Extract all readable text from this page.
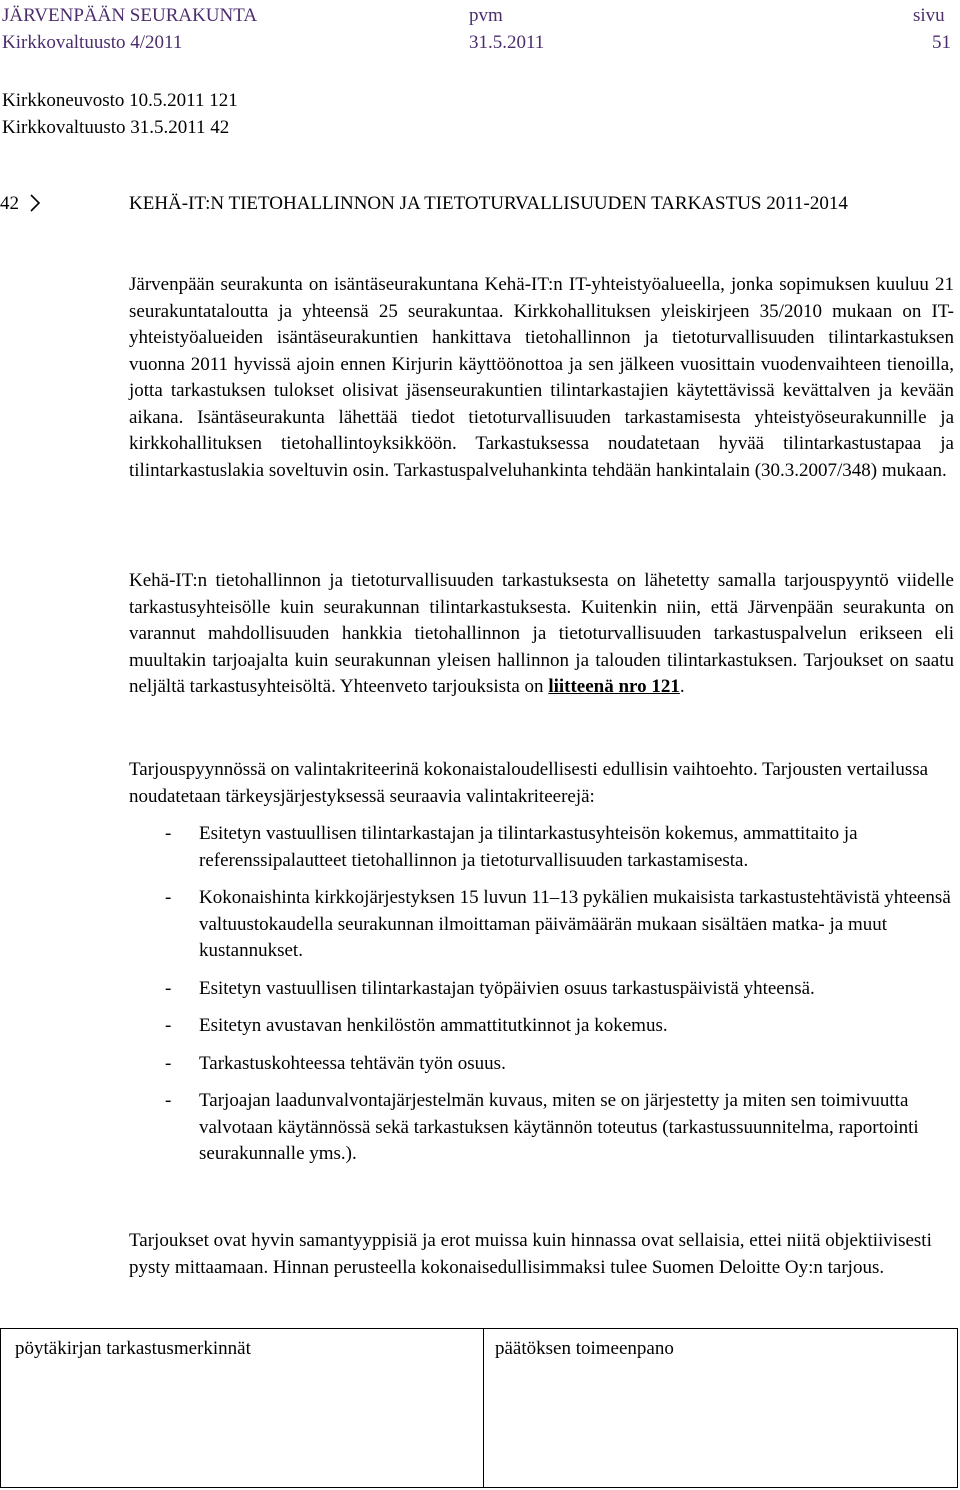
JÄRVENPÄÄN SEURAKUNTA	pvm	sivu
Kirkkovaltuusto 4/2011	31.5.2011	51
Kirkkoneuvosto 10.5.2011 121
Kirkkovaltuusto 31.5.2011 42
42	KEHÄ-IT:N TIETOHALLINNON JA TIETOTURVALLISUUDEN TARKASTUS 2011-2014

Järvenpään seurakunta on isäntäseurakuntana Kehä-IT:n IT-yhteistyöalueella, jonka sopimuksen kuuluu 21 seurakuntataloutta ja yhteensä 25 seurakuntaa. Kirkkohallituksen yleiskirjeen 35/2010 mukaan on IT-yhteistyöalueiden isäntäseurakuntien hankittava tietohallinnon ja tietoturvallisuuden tilintarkastuksen vuonna 2011 hyvissä ajoin ennen Kirjurin käyttöönottoa ja sen jälkeen vuosittain vuodenvaihteen tienoilla, jotta tarkastuksen tulokset olisivat jäsenseurakuntien tilintarkastajien käytettävissä kevättalven ja kevään aikana. Isäntäseurakunta lähettää tiedot tietoturvallisuuden tarkastamisesta yhteistyöseurakunnille ja kirkkohallituksen tietohallintoyksikköön. Tarkastuksessa noudatetaan hyvää tilintarkastustapaa ja tilintarkastuslakia soveltuvin osin. Tarkastuspalveluhankinta tehdään hankintalain (30.3.2007/348) mukaan.

Kehä-IT:n tietohallinnon ja tietoturvallisuuden tarkastuksesta on lähetetty samalla tarjouspyyntö viidelle tarkastusyhteisölle kuin seurakunnan tilintarkastuksesta. Kuitenkin niin, että Järvenpään seurakunta on varannut mahdollisuuden hankkia tietohallinnon ja tietoturvallisuuden tarkastuspalvelun erikseen eli muultakin tarjoajalta kuin seurakunnan yleisen hallinnon ja talouden tilintarkastuksen. Tarjoukset on saatu neljältä tarkastusyhteisöltä. Yhteenveto tarjouksista on liitteenä nro 121.

Tarjouspyynnössä on valintakriteerinä kokonaistaloudellisesti edullisin vaihtoehto. Tarjousten vertailussa noudatetaan tärkeysjärjestyksessä seuraavia valintakriteerejä:

- Esitetyn vastuullisen tilintarkastajan ja tilintarkastusyhteisön kokemus, ammattitaito ja referenssipalautteet tietohallinnon ja tietoturvallisuuden tarkastamisesta.
- Kokonaishinta kirkkojärjestyksen 15 luvun 11–13 pykälien mukaisista tarkastustehtävistä yhteensä valtuustokaudella seurakunnan ilmoittaman päivämäärän mukaan sisältäen matka- ja muut kustannukset.
- Esitetyn vastuullisen tilintarkastajan työpäivien osuus tarkastuspäivistä yhteensä.
- Esitetyn avustavan henkilöstön ammattitutkinnot ja kokemus.
- Tarkastuskohteessa tehtävän työn osuus.
- Tarjoajan laadunvalvontajärjestelmän kuvaus, miten se on järjestetty ja miten sen toimivuutta valvotaan käytännössä sekä tarkastuksen käytännön toteutus (tarkastussuunnitelma, raportointi seurakunnalle yms.).

Tarjoukset ovat hyvin samantyyppisiä ja erot muissa kuin hinnassa ovat sellaisia, ettei niitä objektiivisesti pysty mittaamaan. Hinnan perusteella kokonaisedullisimmaksi tulee Suomen Deloitte Oy:n tarjous.

pöytäkirjan tarkastusmerkinnät	päätöksen toimeenpano
